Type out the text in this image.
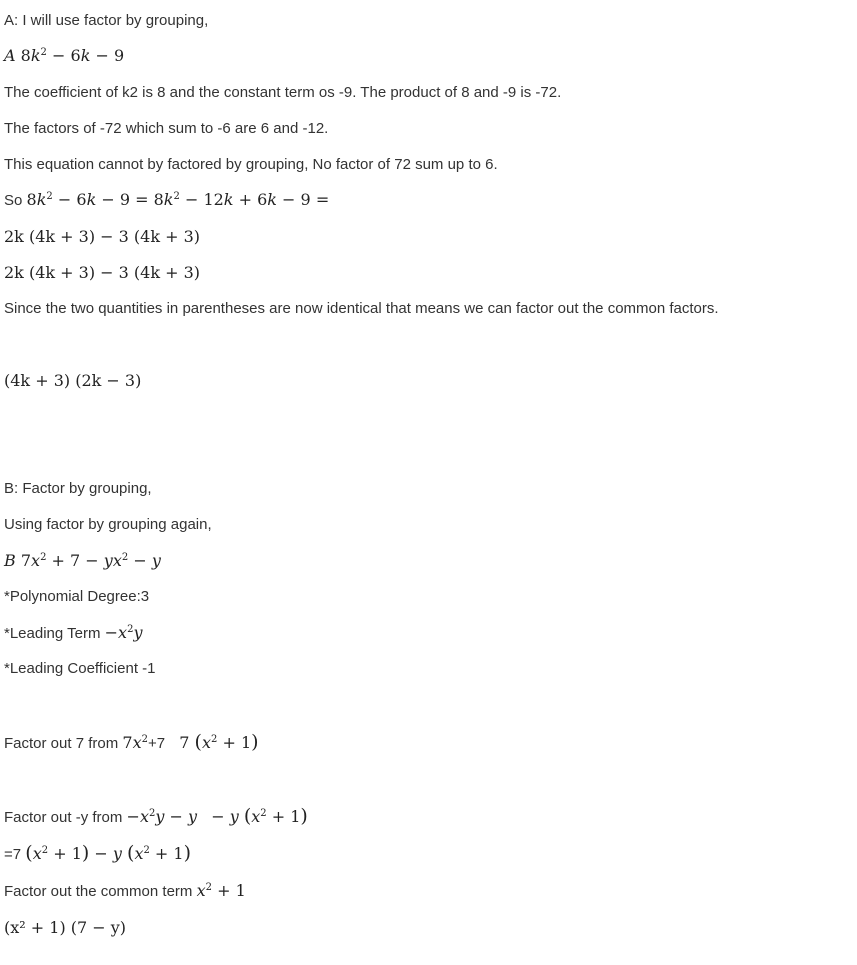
A: I will use factor by grouping,
A $8k^2 - 6k - 9$
The coefficient of k2 is 8 and the constant term os -9. The product of 8 and -9 is -72.
The factors of -72 which sum to -6 are 6 and -12.
This equation cannot by factored by grouping, No factor of 72 sum up to 6.
So $8k^2 - 6k - 9 = 8k^2 - 12k + 6k - 9$ =
2k (4k + 3) − 3 (4k + 3)
2k (4k + 3) − 3 (4k + 3)
Since the two quantities in parentheses are now identical that means we can factor out the common factors.
(4k + 3) (2k − 3)
B: Factor by grouping,
Using factor by grouping again,
B $7x^2 + 7 - yx^2 - y$
*Polynomial Degree:3
*Leading Term $-x^2y$
*Leading Coefficient -1
Factor out 7 from $7x^2+7$ 7 $(x^2 + 1)$
Factor out -y from $-x^2y - y - y$ $(x^2 + 1)$
=7 $(x^2 + 1) - y$ $(x^2 + 1)$
Factor out the common term $x^2 + 1$
(x² + 1) (7 − y)
